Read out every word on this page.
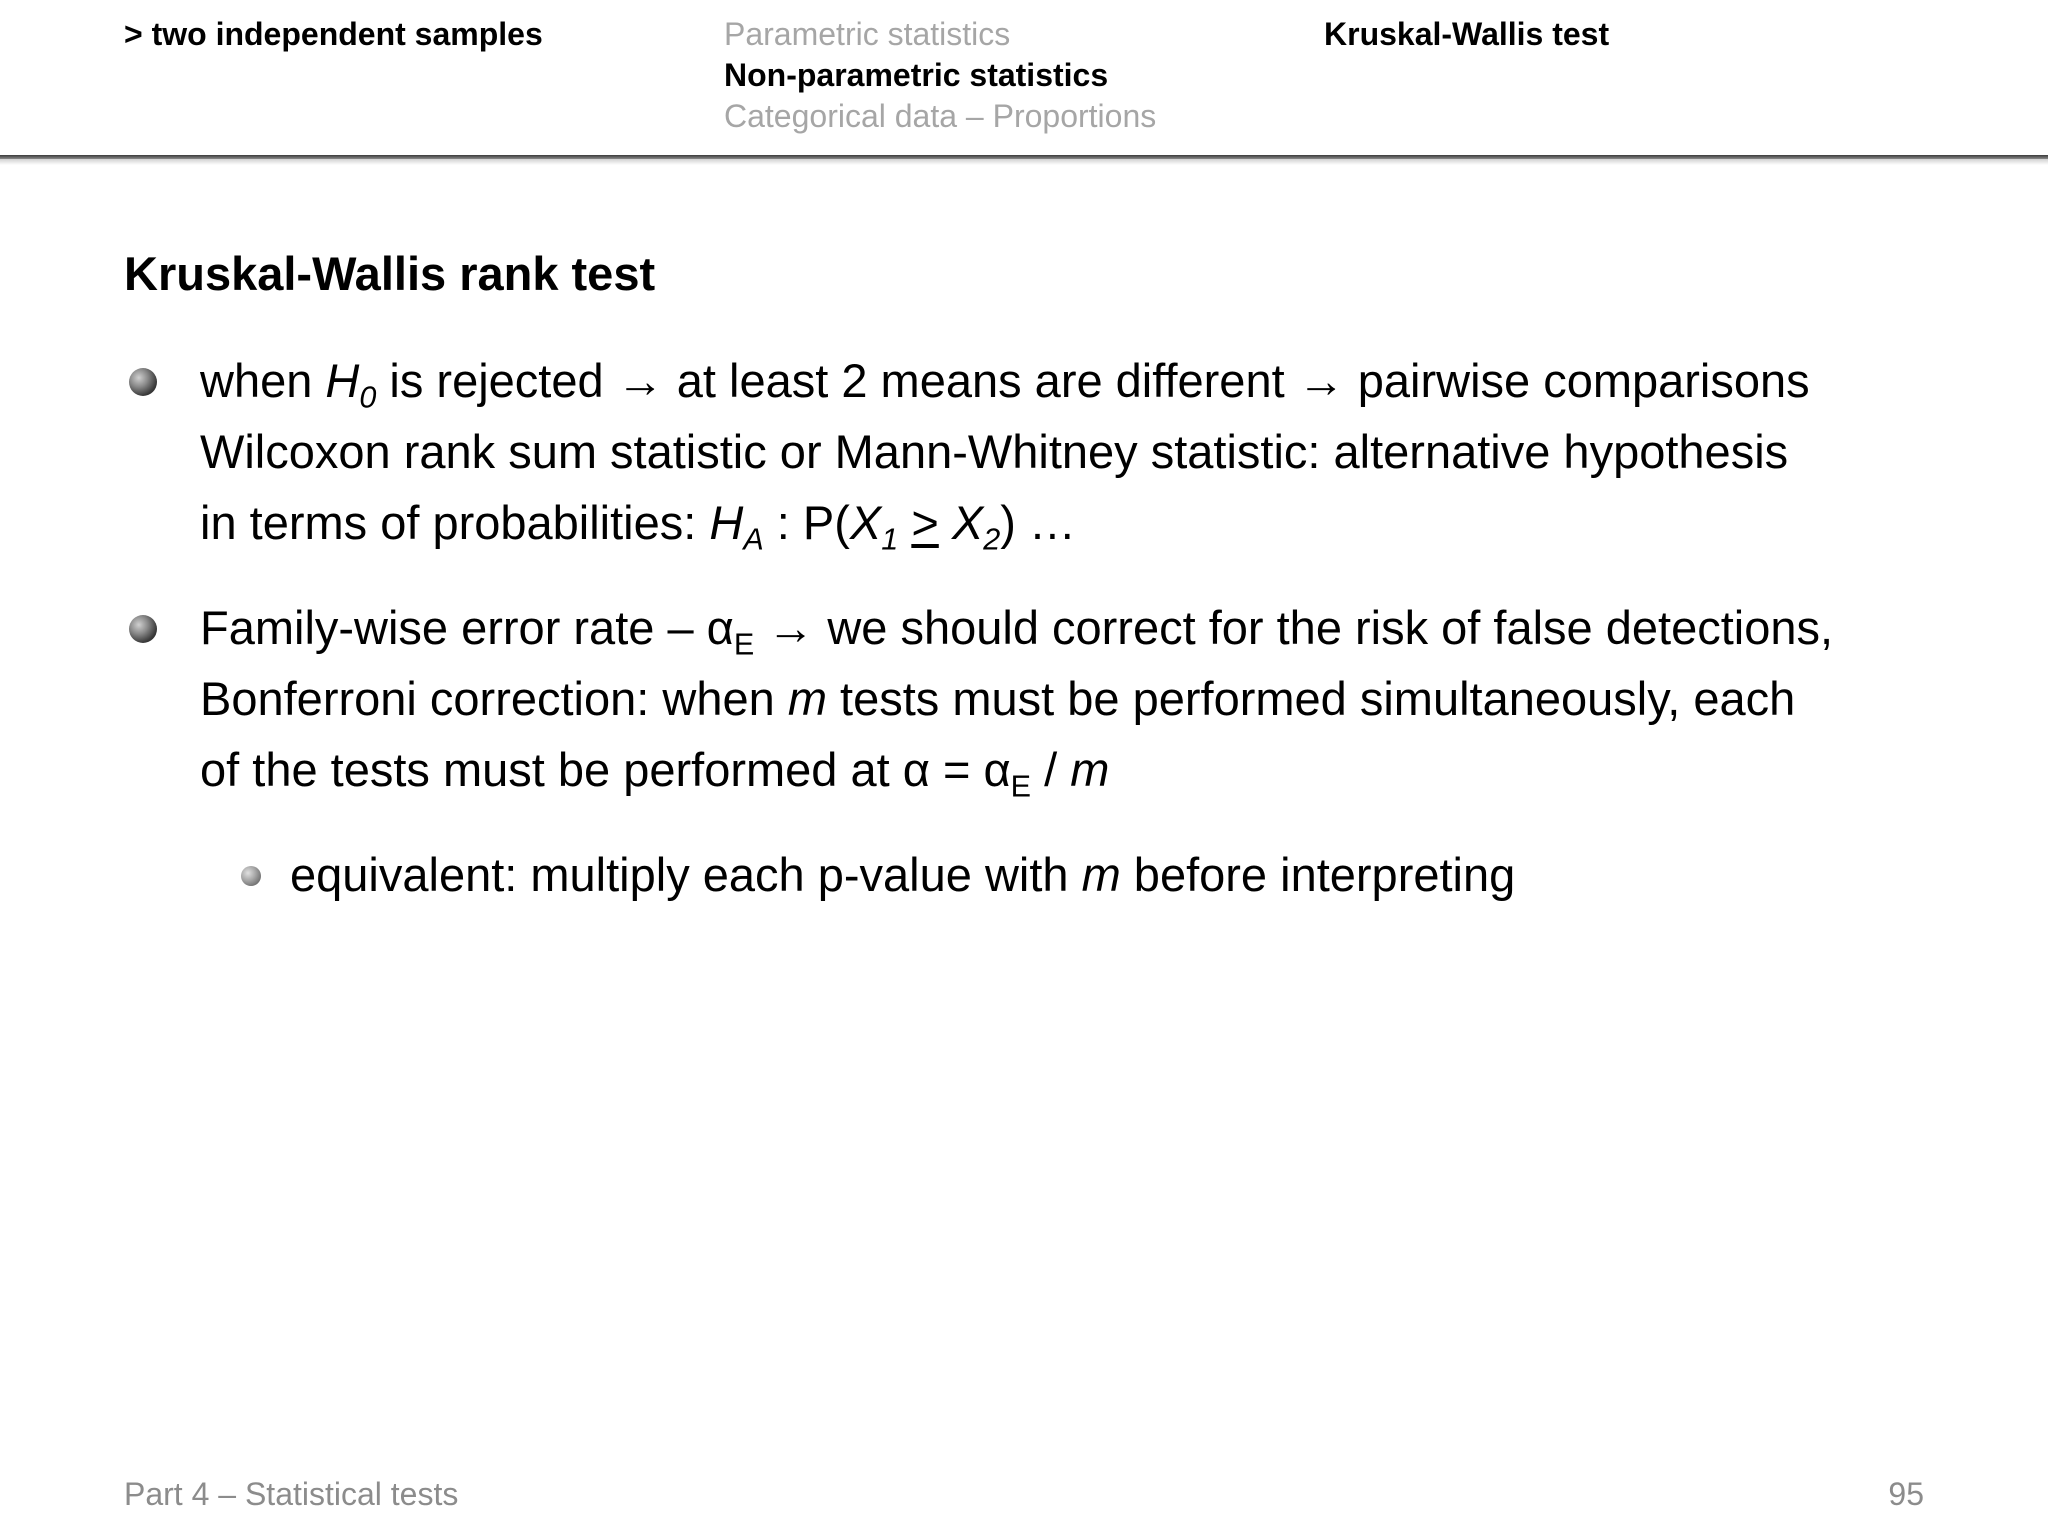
> two independent samples	Parametric statistics
Non-parametric statistics
Categorical data – Proportions
Kruskal-Wallis test
Kruskal-Wallis rank test
when $H_0$ is rejected → at least 2 means are different → pairwise comparisons
Wilcoxon rank sum statistic or Mann-Whitney statistic: alternative hypothesis
in terms of probabilities: $H_A$ : $P(X_1 > X_2)$ …
Family-wise error rate – $\alpha_E$ → we should correct for the risk of false detections,
Bonferroni correction: when m tests must be performed simultaneously, each
of the tests must be performed at $\alpha = \alpha_E / m$
equivalent: multiply each p-value with m before interpreting
Part 4 – Statistical tests	95
